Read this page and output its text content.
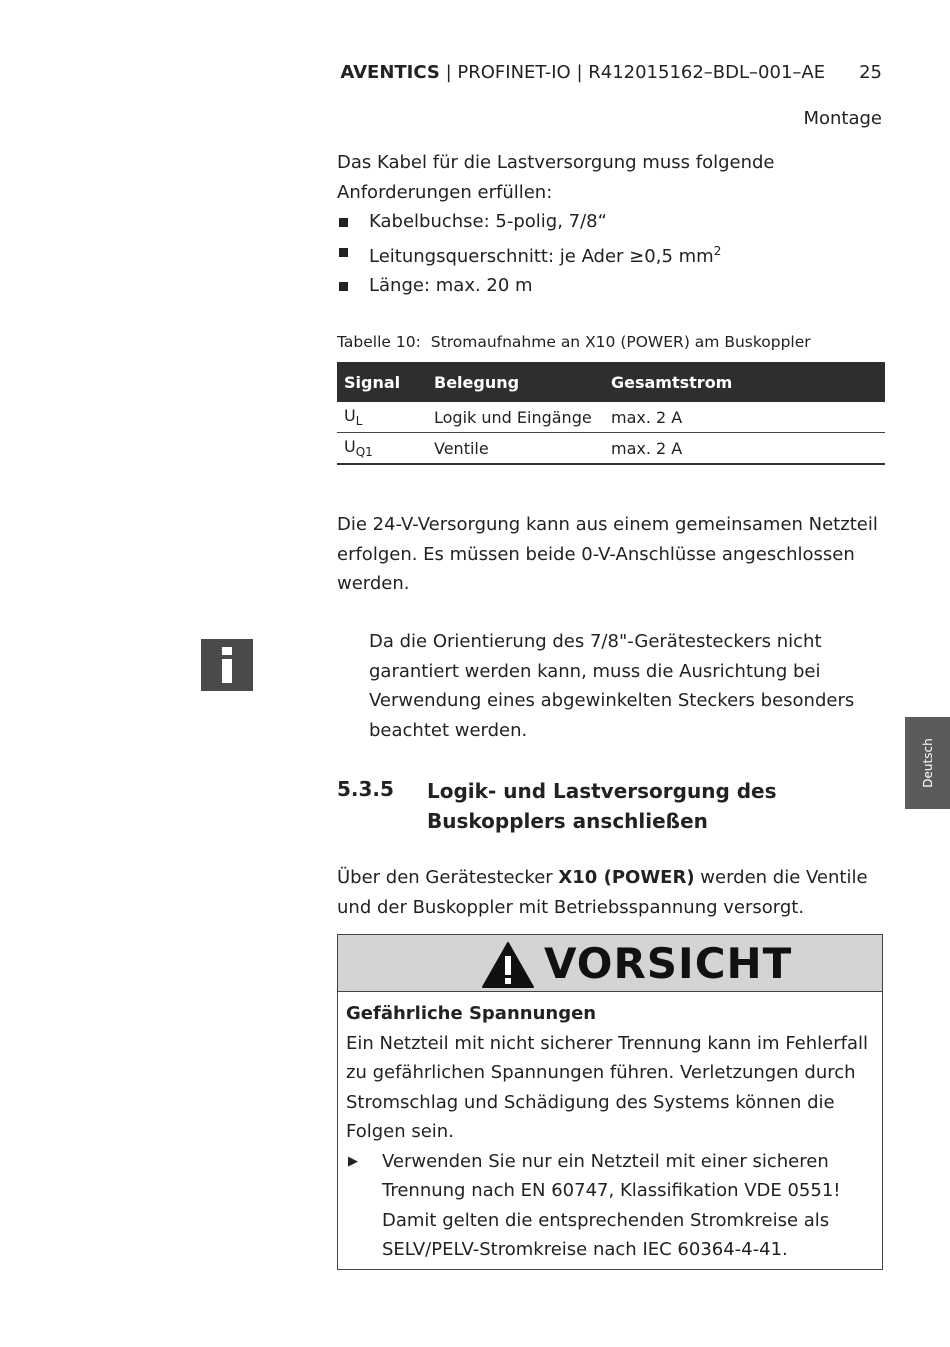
AVENTICS | PROFINET-IO | R412015162–BDL–001–AE 25
Montage
Das Kabel für die Lastversorgung muss folgende Anforderungen erfüllen:
Kabelbuchse: 5-polig, 7/8“
Leitungsquerschnitt: je Ader ≥0,5 $mm^2$
Länge: max. 20 m
Tabelle 10: Stromaufnahme an X10 (POWER) am Buskoppler
Signal	Belegung	Gesamtstrom
$U_L$	Logik und Eingänge	max. 2 A
$U_{Q1}$	Ventile	max. 2 A
Die 24-V-Versorgung kann aus einem gemeinsamen Netzteil erfolgen. Es müssen beide 0-V-Anschlüsse angeschlossen werden.
Da die Orientierung des 7/8"-Gerätesteckers nicht garantiert werden kann, muss die Ausrichtung bei Verwendung eines abgewinkelten Steckers besonders beachtet werden.
Deutsch
5.3.5 Logik- und Lastversorgung des Buskopplers anschließen
Über den Gerätestecker X10 (POWER) werden die Ventile und der Buskoppler mit Betriebsspannung versorgt.
VORSICHT
Gefährliche Spannungen
Ein Netzteil mit nicht sicherer Trennung kann im Fehlerfall zu gefährlichen Spannungen führen. Verletzungen durch Stromschlag und Schädigung des Systems können die Folgen sein.
▶ Verwenden Sie nur ein Netzteil mit einer sicheren Trennung nach EN 60747, Klassifikation VDE 0551! Damit gelten die entsprechenden Stromkreise als SELV/PELV-Stromkreise nach IEC 60364-4-41.
